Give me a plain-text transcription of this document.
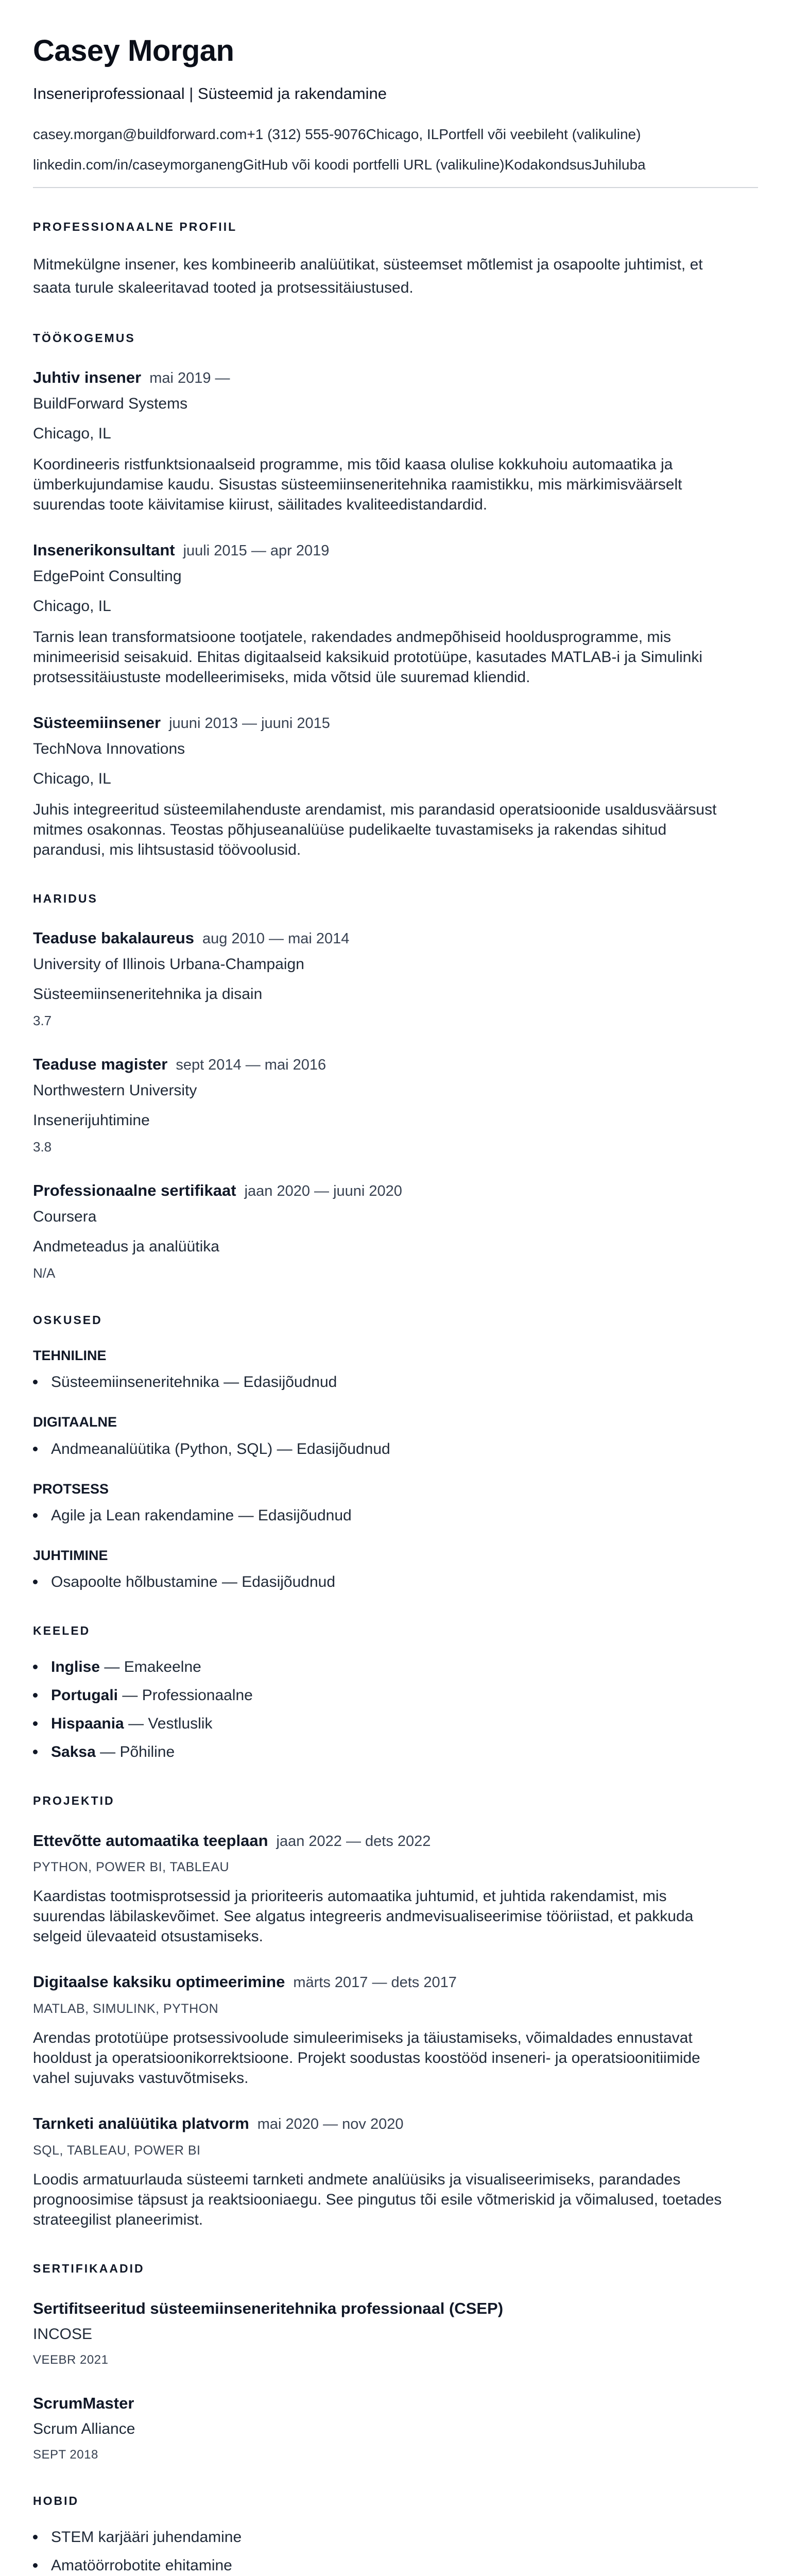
Casey Morgan
Inseneriprofessionaal | Süsteemid ja rakendamine
casey.morgan@buildforward.com+1 (312) 555-9076Chicago, ILPortfell või veebileht (valikuline)
linkedin.com/in/caseymorganengGitHub või koodi portfelli URL (valikuline)KodakondsusJuhiluba
PROFESSIONAALNE PROFIIL

Mitmekülgne insener, kes kombineerib analüütikat, süsteemset mõtlemist ja osapoolte juhtimist, et saata turule skaleeritavad tooted ja protsessitäiustused.

TÖÖKOGEMUS
Juhtiv insener mai 2019 —
BuildForward Systems
Chicago, IL

Koordineeris ristfunktsionaalseid programme, mis tõid kaasa olulise kokkuhoiu automaatika ja ümberkujundamise kaudu. Sisustas süsteemiinseneritehnika raamistikku, mis märkimisväärselt suurendas toote käivitamise kiirust, säilitades kvaliteedistandardid.

Insenerikonsultant juuli 2015 — apr 2019
EdgePoint Consulting
Chicago, IL

Tarnis lean transformatsioone tootjatele, rakendades andmepõhiseid hooldusprogramme, mis minimeerisid seisakuid. Ehitas digitaalseid kaksikuid prototüüpe, kasutades MATLAB-i ja Simulinki protsessitäiustuste modelleerimiseks, mida võtsid üle suuremad kliendid.

Süsteemiinsener juuni 2013 — juuni 2015
TechNova Innovations
Chicago, IL

Juhis integreeritud süsteemilahenduste arendamist, mis parandasid operatsioonide usaldusväärsust mitmes osakonnas. Teostas põhjuseanalüüse pudelikaelte tuvastamiseks ja rakendas sihitud parandusi, mis lihtsustasid töövoolusid.

HARIDUS
Teaduse bakalaureus aug 2010 — mai 2014
University of Illinois Urbana-Champaign
Süsteemiinseneritehnika ja disain
3.7
Teaduse magister sept 2014 — mai 2016
Northwestern University
Insenerijuhtimine
3.8
Professionaalne sertifikaat jaan 2020 — juuni 2020
Coursera
Andmeteadus ja analüütika
N/A
OSKUSED
TEHNILINE
Süsteemiinseneritehnika — Edasijõudnud
DIGITAALNE
Andmeanalüütika (Python, SQL) — Edasijõudnud
PROTSESS
Agile ja Lean rakendamine — Edasijõudnud
JUHTIMINE
Osapoolte hõlbustamine — Edasijõudnud
KEELED
Inglise — Emakeelne
Portugali — Professionaalne
Hispaania — Vestluslik
Saksa — Põhiline
PROJEKTID
Ettevõtte automaatika teeplaan jaan 2022 — dets 2022
PYTHON, POWER BI, TABLEAU

Kaardistas tootmisprotsessid ja prioriteeris automaatika juhtumid, et juhtida rakendamist, mis suurendas läbilaskevõimet. See algatus integreeris andmevisualiseerimise tööriistad, et pakkuda selgeid ülevaateid otsustamiseks.

Digitaalse kaksiku optimeerimine märts 2017 — dets 2017
MATLAB, SIMULINK, PYTHON

Arendas prototüüpe protsessivoolude simuleerimiseks ja täiustamiseks, võimaldades ennustavat hooldust ja operatsioonikorrektsioone. Projekt soodustas koostööd inseneri- ja operatsioonitiimide vahel sujuvaks vastuvõtmiseks.

Tarnketi analüütika platvorm mai 2020 — nov 2020
SQL, TABLEAU, POWER BI

Loodis armatuurlauda süsteemi tarnketi andmete analüüsiks ja visualiseerimiseks, parandades prognoosimise täpsust ja reaktsiooniaegu. See pingutus tõi esile võtmeriskid ja võimalused, toetades strateegilist planeerimist.

SERTIFIKAADID
Sertifitseeritud süsteemiinseneritehnika professionaal (CSEP)
INCOSE
VEEBR 2021
ScrumMaster
Scrum Alliance
SEPT 2018
HOBID
STEM karjääri juhendamine
Amatöörrobotite ehitamine
